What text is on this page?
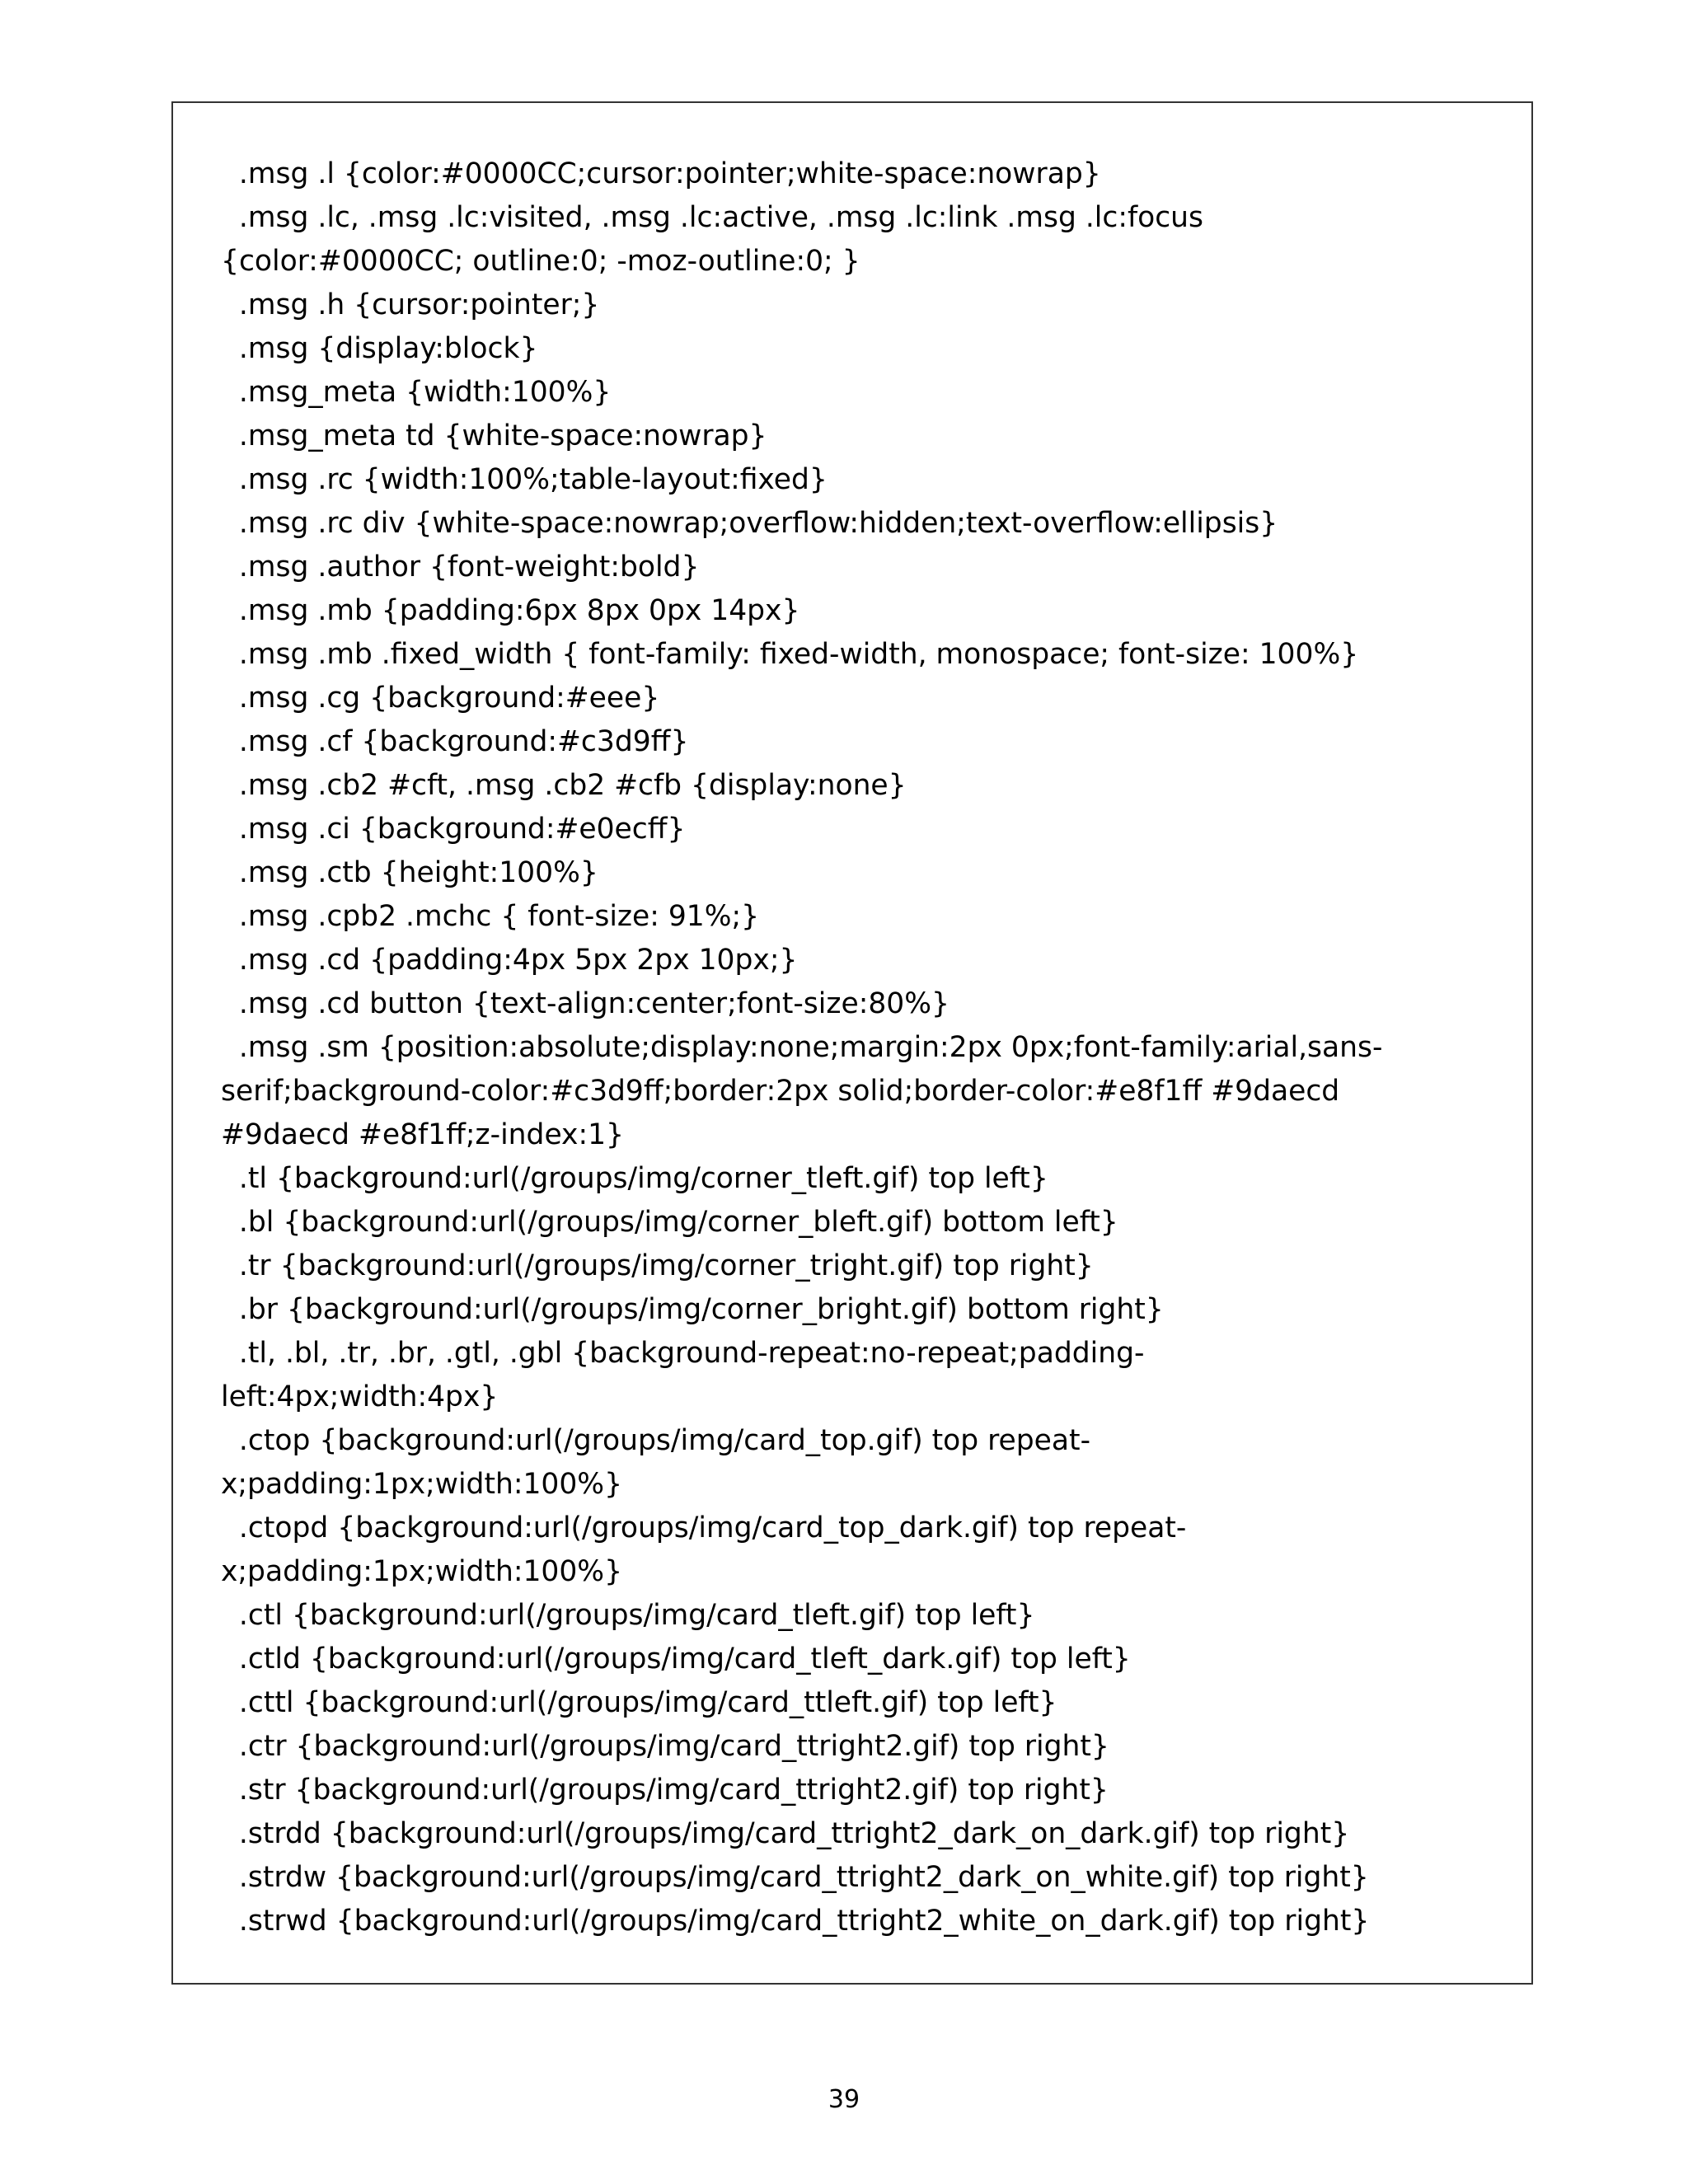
.msg .l {color:#0000CC;cursor:pointer;white-space:nowrap}
.msg .lc, .msg .lc:visited, .msg .lc:active, .msg .lc:link .msg .lc:focus
{color:#0000CC; outline:0; -moz-outline:0; }
.msg .h {cursor:pointer;}
.msg {display:block}
.msg_meta {width:100%}
.msg_meta td {white-space:nowrap}
.msg .rc {width:100%;table-layout:fixed}
.msg .rc div {white-space:nowrap;overflow:hidden;text-overflow:ellipsis}
.msg .author {font-weight:bold}
.msg .mb {padding:6px 8px 0px 14px}
.msg .mb .fixed_width { font-family: fixed-width, monospace; font-size: 100%}
.msg .cg {background:#eee}
.msg .cf {background:#c3d9ff}
.msg .cb2 #cft, .msg .cb2 #cfb {display:none}
.msg .ci {background:#e0ecff}
.msg .ctb {height:100%}
.msg .cpb2 .mchc { font-size: 91%;}
.msg .cd {padding:4px 5px 2px 10px;}
.msg .cd button {text-align:center;font-size:80%}
.msg .sm {position:absolute;display:none;margin:2px 0px;font-family:arial,sans-
serif;background-color:#c3d9ff;border:2px solid;border-color:#e8f1ff #9daecd
#9daecd #e8f1ff;z-index:1}
.tl {background:url(/groups/img/corner_tleft.gif) top left}
.bl {background:url(/groups/img/corner_bleft.gif) bottom left}
.tr {background:url(/groups/img/corner_tright.gif) top right}
.br {background:url(/groups/img/corner_bright.gif) bottom right}
.tl, .bl, .tr, .br, .gtl, .gbl {background-repeat:no-repeat;padding-
left:4px;width:4px}
.ctop {background:url(/groups/img/card_top.gif) top repeat-
x;padding:1px;width:100%}
.ctopd {background:url(/groups/img/card_top_dark.gif) top repeat-
x;padding:1px;width:100%}
.ctl {background:url(/groups/img/card_tleft.gif) top left}
.ctld {background:url(/groups/img/card_tleft_dark.gif) top left}
.cttl {background:url(/groups/img/card_ttleft.gif) top left}
.ctr {background:url(/groups/img/card_ttright2.gif) top right}
.str {background:url(/groups/img/card_ttright2.gif) top right}
.strdd {background:url(/groups/img/card_ttright2_dark_on_dark.gif) top right}
.strdw {background:url(/groups/img/card_ttright2_dark_on_white.gif) top right}
.strwd {background:url(/groups/img/card_ttright2_white_on_dark.gif) top right}
39
